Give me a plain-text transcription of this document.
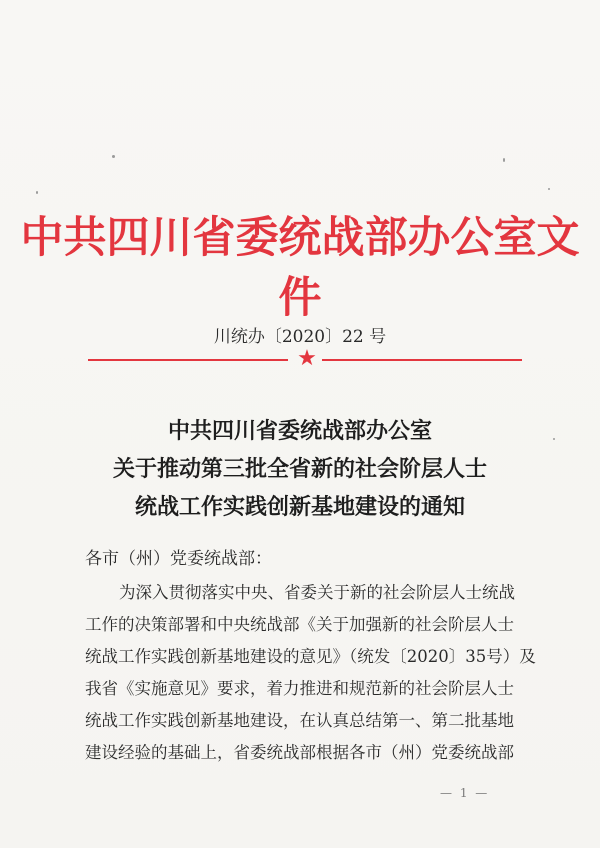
中共四川省委统战部办公室文件
川统办〔2020〕22 号
★
中共四川省委统战部办公室
关于推动第三批全省新的社会阶层人士
统战工作实践创新基地建设的通知
各市（州）党委统战部：
为深入贯彻落实中央、省委关于新的社会阶层人士统战
工作的决策部署和中央统战部《关于加强新的社会阶层人士
统战工作实践创新基地建设的意见》（统发〔2020〕35号）及
我省《实施意见》要求，着力推进和规范新的社会阶层人士
统战工作实践创新基地建设，在认真总结第一、第二批基地
建设经验的基础上，省委统战部根据各市（州）党委统战部
— 1 —
